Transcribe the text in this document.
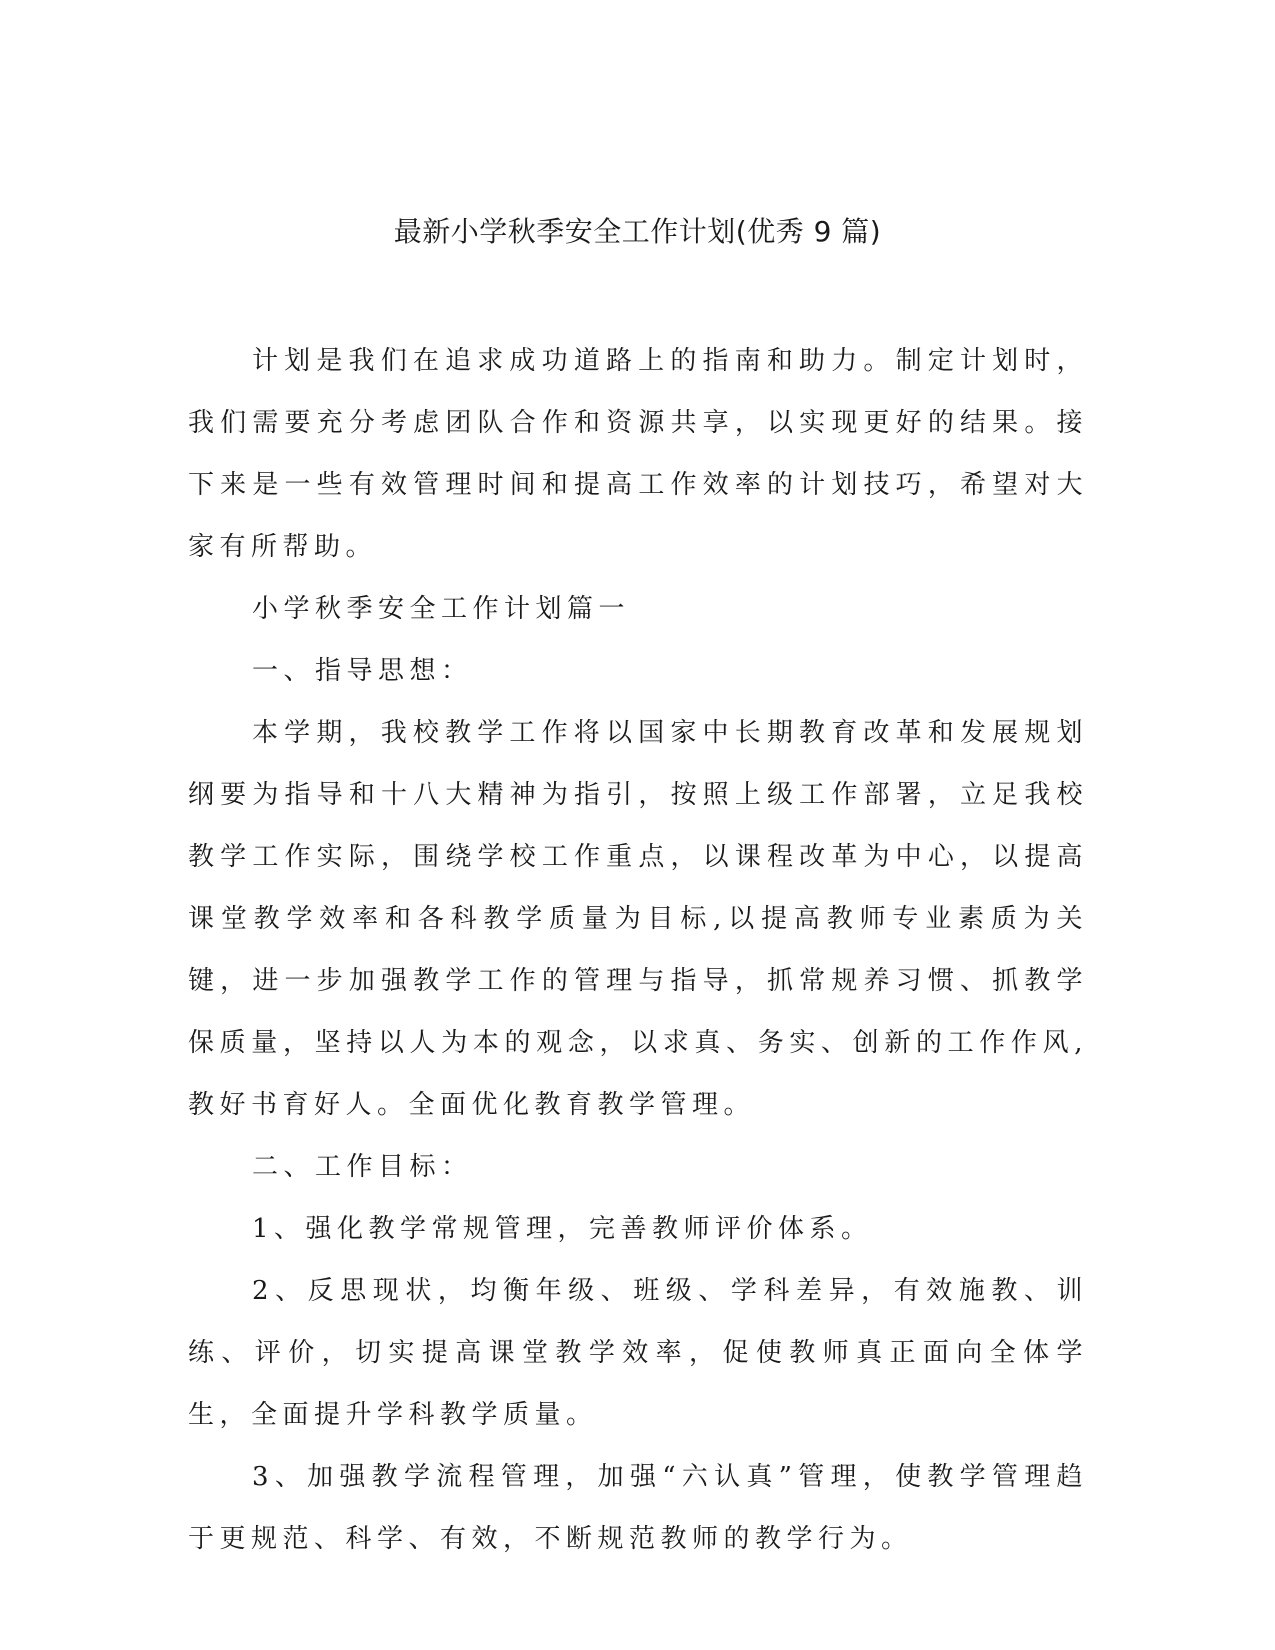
最新小学秋季安全工作计划(优秀 9 篇)

计划是我们在追求成功道路上的指南和助力。制定计划时，我们需要充分考虑团队合作和资源共享，以实现更好的结果。接下来是一些有效管理时间和提高工作效率的计划技巧，希望对大家有所帮助。

小学秋季安全工作计划篇一

一、指导思想：

本学期，我校教学工作将以国家中长期教育改革和发展规划纲要为指导和十八大精神为指引，按照上级工作部署，立足我校教学工作实际，围绕学校工作重点，以课程改革为中心，以提高课堂教学效率和各科教学质量为目标,以提高教师专业素质为关键，进一步加强教学工作的管理与指导，抓常规养习惯、抓教学保质量，坚持以人为本的观念，以求真、务实、创新的工作作风,教好书育好人。全面优化教育教学管理。

二、工作目标：

1、强化教学常规管理，完善教师评价体系。

2、反思现状，均衡年级、班级、学科差异，有效施教、训练、评价，切实提高课堂教学效率，促使教师真正面向全体学生，全面提升学科教学质量。

3、加强教学流程管理，加强“六认真”管理，使教学管理趋于更规范、科学、有效，不断规范教师的教学行为。
